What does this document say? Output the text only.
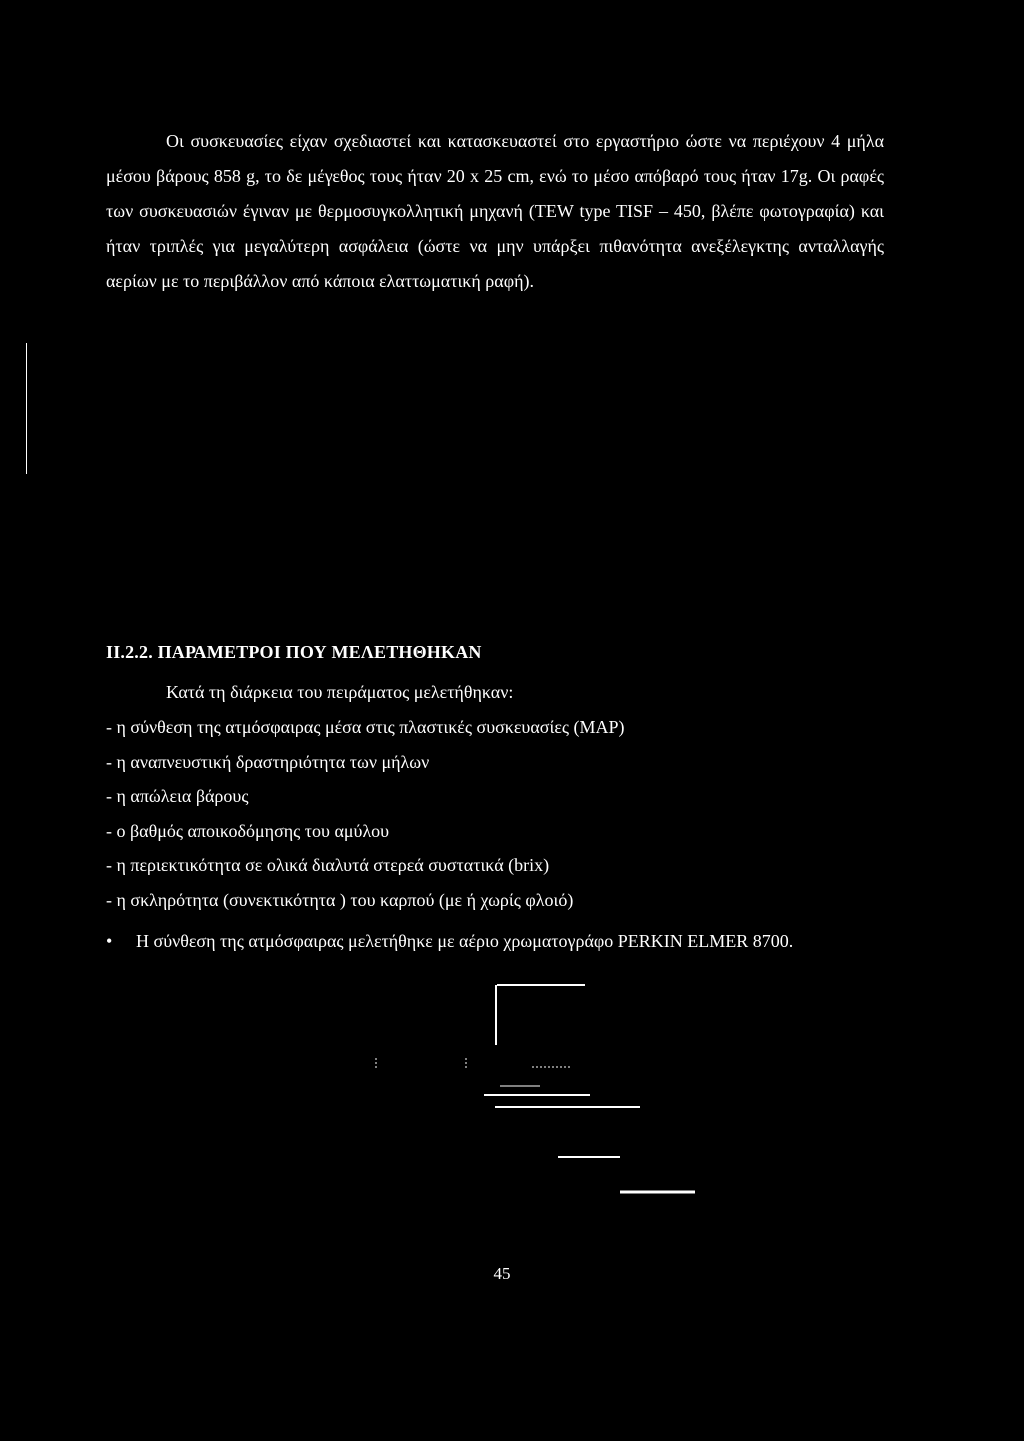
Οι συσκευασίες είχαν σχεδιαστεί και κατασκευαστεί στο εργαστήριο ώστε να περιέχουν 4 μήλα μέσου βάρους 858 g, το δε μέγεθος τους ήταν 20 x 25 cm, ενώ το μέσο απόβαρό τους ήταν 17g. Οι ραφές των συσκευασιών έγιναν με θερμοσυγκολλητική μηχανή (TEW type TISF – 450, βλέπε φωτογραφία) και ήταν τριπλές για μεγαλύτερη ασφάλεια (ώστε να μην υπάρξει πιθανότητα ανεξέλεγκτης ανταλλαγής αερίων με το περιβάλλον από κάποια ελαττωματική ραφή).

II.2.2. ΠΑΡΑΜΕΤΡΟΙ ΠΟΥ ΜΕΛΕΤΗΘΗΚΑΝ
Κατά τη διάρκεια του πειράματος μελετήθηκαν:
- η σύνθεση της ατμόσφαιρας μέσα στις πλαστικές συσκευασίες (MAP)
- η αναπνευστική δραστηριότητα των μήλων
- η απώλεια βάρους
- ο βαθμός αποικοδόμησης του αμύλου
- η περιεκτικότητα σε ολικά διαλυτά στερεά συστατικά (brix)
- η σκληρότητα (συνεκτικότητα ) του καρπού (με ή χωρίς φλοιό)
• Η σύνθεση της ατμόσφαιρας μελετήθηκε με αέριο χρωματογράφο PERKIN ELMER 8700.
45
